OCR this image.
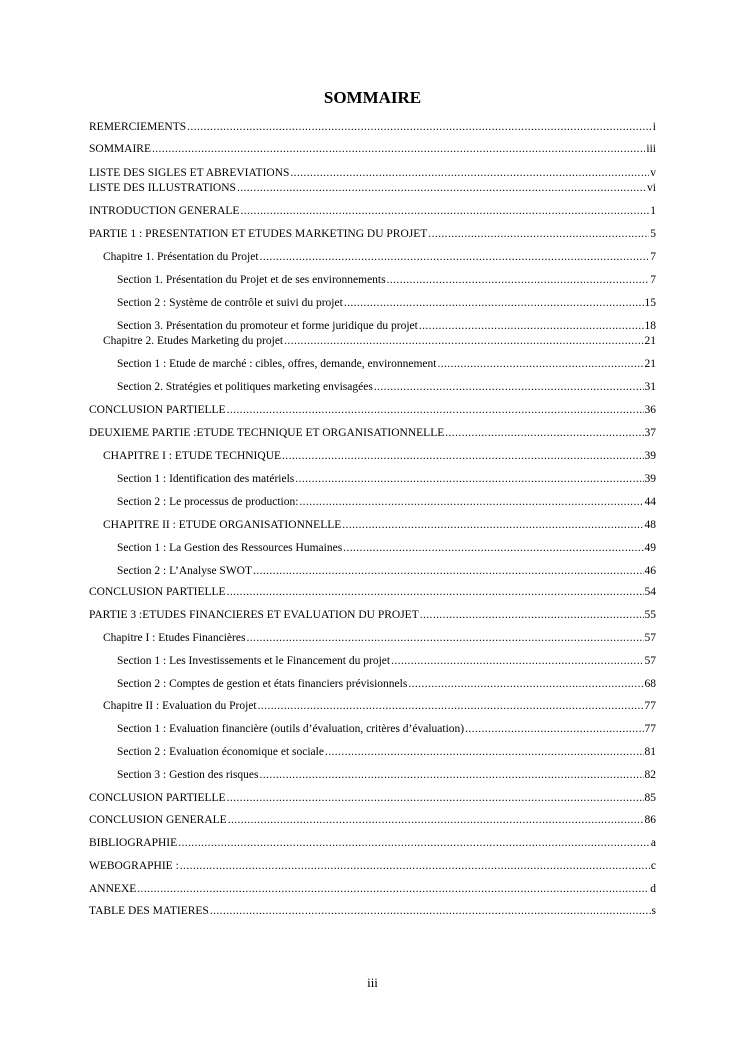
SOMMAIRE
REMERCIEMENTS .....	i
SOMMAIRE .....	iii
LISTE DES SIGLES ET ABREVIATIONS .....	v
LISTE DES ILLUSTRATIONS .....	vi
INTRODUCTION GENERALE .....	1
PARTIE 1 : PRESENTATION ET ETUDES MARKETING DU PROJET .....	5
Chapitre 1. Présentation du Projet .....	7
Section 1. Présentation du Projet et de ses environnements .....	7
Section 2 : Système de contrôle et suivi du projet .....	15
Section 3. Présentation du promoteur et forme juridique du projet .....	18
Chapitre 2. Etudes Marketing du projet .....	21
Section 1 : Etude de marché : cibles, offres, demande, environnement .....	21
Section 2. Stratégies et politiques marketing envisagées .....	31
CONCLUSION PARTIELLE .....	36
DEUXIEME PARTIE :ETUDE TECHNIQUE ET ORGANISATIONNELLE .....	37
CHAPITRE I : ETUDE TECHNIQUE .....	39
Section 1 : Identification des matériels .....	39
Section 2 : Le processus de production: .....	44
CHAPITRE II : ETUDE ORGANISATIONNELLE .....	48
Section 1 : La Gestion des Ressources Humaines .....	49
Section 2 : L’Analyse SWOT .....	46
CONCLUSION PARTIELLE .....	54
PARTIE 3 :ETUDES FINANCIERES ET EVALUATION DU PROJET .....	55
Chapitre I : Etudes Financières .....	57
Section 1 : Les Investissements et le Financement du projet .....	57
Section 2 : Comptes de gestion et états financiers prévisionnels .....	68
Chapitre II : Evaluation du Projet .....	77
Section 1 : Evaluation financière (outils d’évaluation, critères d’évaluation) .....	77
Section 2 : Evaluation économique et sociale .....	81
Section 3 : Gestion des risques .....	82
CONCLUSION PARTIELLE .....	85
CONCLUSION GENERALE .....	86
BIBLIOGRAPHIE .....	a
WEBOGRAPHIE : .....	c
ANNEXE .....	d
TABLE DES MATIERES .....	s
iii
